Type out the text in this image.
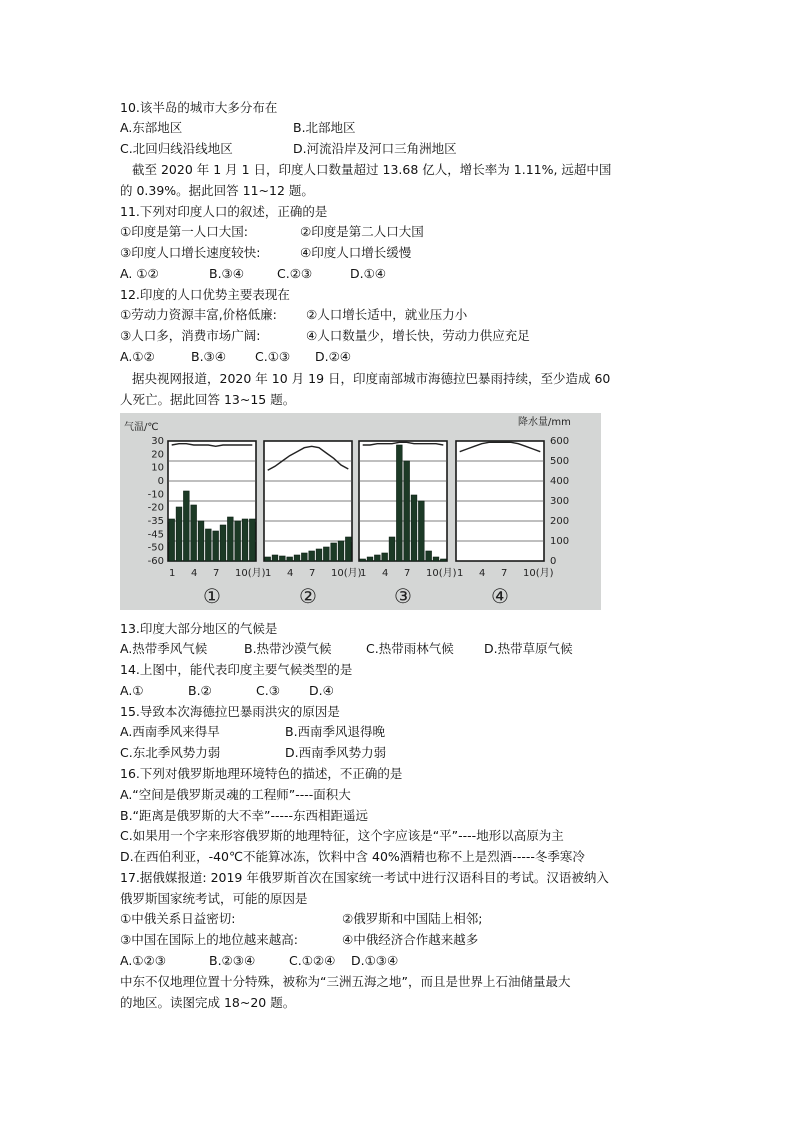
10.该半岛的城市大多分布在
A.东部地区	B.北部地区
C.北回归线沿线地区	D.河流沿岸及河口三角洲地区
截至 2020 年 1 月 1 日，印度人口数量超过 13.68 亿人，增长率为 1.11%, 远超中国
的 0.39%。据此回答 11~12 题。
11.下列对印度人口的叙述，正确的是
①印度是第一人口大国:	②印度是第二人口大国
③印度人口增长速度较快:	④印度人口增长缓慢
A. ①②	B.③④	C.②③	D.①④
12.印度的人口优势主要表现在
①劳动力资源丰富,价格低廉: ②人口增长适中，就业压力小
③人口多，消费市场广阔:	④人口数量少，增长快，劳动力供应充足
A.①②	B.③④ C.①③ D.②④
据央视网报道，2020 年 10 月 19 日，印度南部城市海德拉巴暴雨持续，至少造成 60
人死亡。据此回答 13~15 题。
气温/℃	降水量/mm
30
20
10
0
-10
-20
-35
-45
-50
-60
600
500
400
300
200
100
0
1 4 7 10(月)
①
1 4 7 10(月)
②
1 4 7 10(月)
③
1 4 7 10(月)
④
13.印度大部分地区的气候是
A.热带季风气候	B.热带沙漠气候	C.热带雨林气候 D.热带草原气候
14.上图中，能代表印度主要气候类型的是
A.①	B.②	C.③ D.④
15.导致本次海德拉巴暴雨洪灾的原因是
A.西南季风来得早	B.西南季风退得晚
C.东北季风势力弱	D.西南季风势力弱
16.下列对俄罗斯地理环境特色的描述，不正确的是
A.“空间是俄罗斯灵魂的工程师”----面积大
B.“距离是俄罗斯的大不幸”-----东西相距遥远
C.如果用一个字来形容俄罗斯的地理特征，这个字应该是“平”----地形以高原为主
D.在西伯利亚，-40℃不能算冰冻，饮料中含 40%酒精也称不上是烈酒-----冬季寒冷
17.据俄媒报道: 2019 年俄罗斯首次在国家统一考试中进行汉语科目的考试。汉语被纳入
俄罗斯国家统考试，可能的原因是
①中俄关系日益密切:	②俄罗斯和中国陆上相邻;
③中国在国际上的地位越来越高:	④中俄经济合作越来越多
A.①②③	B.②③④	C.①②④ D.①③④
中东不仅地理位置十分特殊，被称为“三洲五海之地”，而且是世界上石油储量最大
的地区。读图完成 18~20 题。
